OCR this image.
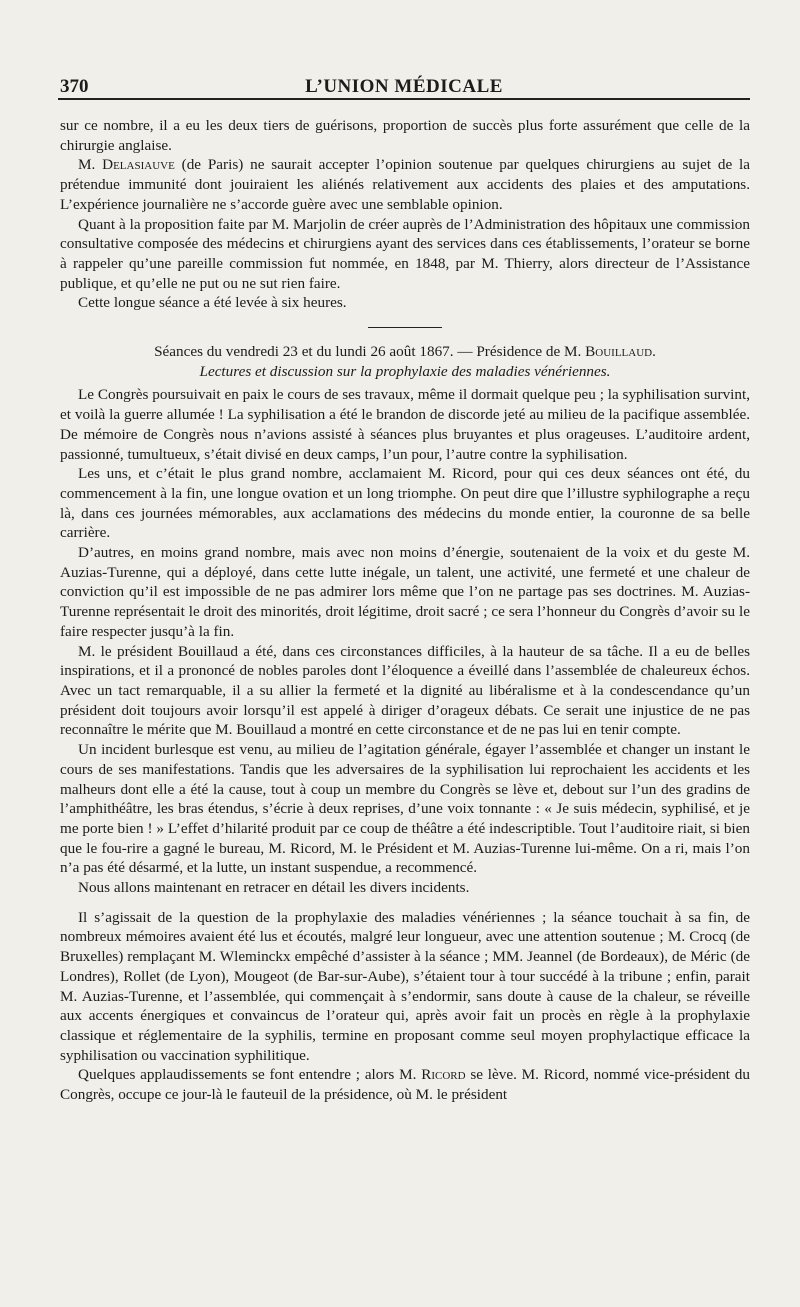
370	L’UNION MÉDICALE

sur ce nombre, il a eu les deux tiers de guérisons, proportion de succès plus forte assurément que celle de la chirurgie anglaise.

M. Delasiauve (de Paris) ne saurait accepter l’opinion soutenue par quelques chirurgiens au sujet de la prétendue immunité dont jouiraient les aliénés relativement aux accidents des plaies et des amputations. L’expérience journalière ne s’accorde guère avec une semblable opinion.

Quant à la proposition faite par M. Marjolin de créer auprès de l’Administration des hôpitaux une commission consultative composée des médecins et chirurgiens ayant des services dans ces établissements, l’orateur se borne à rappeler qu’une pareille commission fut nommée, en 1848, par M. Thierry, alors directeur de l’Assistance publique, et qu’elle ne put ou ne sut rien faire.

Cette longue séance a été levée à six heures.

Séances du vendredi 23 et du lundi 26 août 1867. — Présidence de M. Bouillaud.
Lectures et discussion sur la prophylaxie des maladies vénériennes.

Le Congrès poursuivait en paix le cours de ses travaux, même il dormait quelque peu ; la syphilisation survint, et voilà la guerre allumée ! La syphilisation a été le brandon de discorde jeté au milieu de la pacifique assemblée. De mémoire de Congrès nous n’avions assisté à séances plus bruyantes et plus orageuses. L’auditoire ardent, passionné, tumultueux, s’était divisé en deux camps, l’un pour, l’autre contre la syphilisation.

Les uns, et c’était le plus grand nombre, acclamaient M. Ricord, pour qui ces deux séances ont été, du commencement à la fin, une longue ovation et un long triomphe. On peut dire que l’illustre syphilographe a reçu là, dans ces journées mémorables, aux acclamations des médecins du monde entier, la couronne de sa belle carrière.

D’autres, en moins grand nombre, mais avec non moins d’énergie, soutenaient de la voix et du geste M. Auzias-Turenne, qui a déployé, dans cette lutte inégale, un talent, une activité, une fermeté et une chaleur de conviction qu’il est impossible de ne pas admirer lors même que l’on ne partage pas ses doctrines. M. Auzias-Turenne représentait le droit des minorités, droit légitime, droit sacré ; ce sera l’honneur du Congrès d’avoir su le faire respecter jusqu’à la fin.

M. le président Bouillaud a été, dans ces circonstances difficiles, à la hauteur de sa tâche. Il a eu de belles inspirations, et il a prononcé de nobles paroles dont l’éloquence a éveillé dans l’assemblée de chaleureux échos. Avec un tact remarquable, il a su allier la fermeté et la dignité au libéralisme et à la condescendance qu’un président doit toujours avoir lorsqu’il est appelé à diriger d’orageux débats. Ce serait une injustice de ne pas reconnaître le mérite que M. Bouillaud a montré en cette circonstance et de ne pas lui en tenir compte.

Un incident burlesque est venu, au milieu de l’agitation générale, égayer l’assemblée et changer un instant le cours de ses manifestations. Tandis que les adversaires de la syphilisation lui reprochaient les accidents et les malheurs dont elle a été la cause, tout à coup un membre du Congrès se lève et, debout sur l’un des gradins de l’amphithéâtre, les bras étendus, s’écrie à deux reprises, d’une voix tonnante : « Je suis médecin, syphilisé, et je me porte bien ! » L’effet d’hilarité produit par ce coup de théâtre a été indescriptible. Tout l’auditoire riait, si bien que le fou-rire a gagné le bureau, M. Ricord, M. le Président et M. Auzias-Turenne lui-même. On a ri, mais l’on n’a pas été désarmé, et la lutte, un instant suspendue, a recommencé.

Nous allons maintenant en retracer en détail les divers incidents.

Il s’agissait de la question de la prophylaxie des maladies vénériennes ; la séance touchait à sa fin, de nombreux mémoires avaient été lus et écoutés, malgré leur longueur, avec une attention soutenue ; M. Crocq (de Bruxelles) remplaçant M. Wleminckx empêché d’assister à la séance ; MM. Jeannel (de Bordeaux), de Méric (de Londres), Rollet (de Lyon), Mougeot (de Bar-sur-Aube), s’étaient tour à tour succédé à la tribune ; enfin, parait M. Auzias-Turenne, et l’assemblée, qui commençait à s’endormir, sans doute à cause de la chaleur, se réveille aux accents énergiques et convaincus de l’orateur qui, après avoir fait un procès en règle à la prophylaxie classique et réglementaire de la syphilis, termine en proposant comme seul moyen prophylactique efficace la syphilisation ou vaccination syphilitique.

Quelques applaudissements se font entendre ; alors M. Ricord se lève. M. Ricord, nommé vice-président du Congrès, occupe ce jour-là le fauteuil de la présidence, où M. le président
